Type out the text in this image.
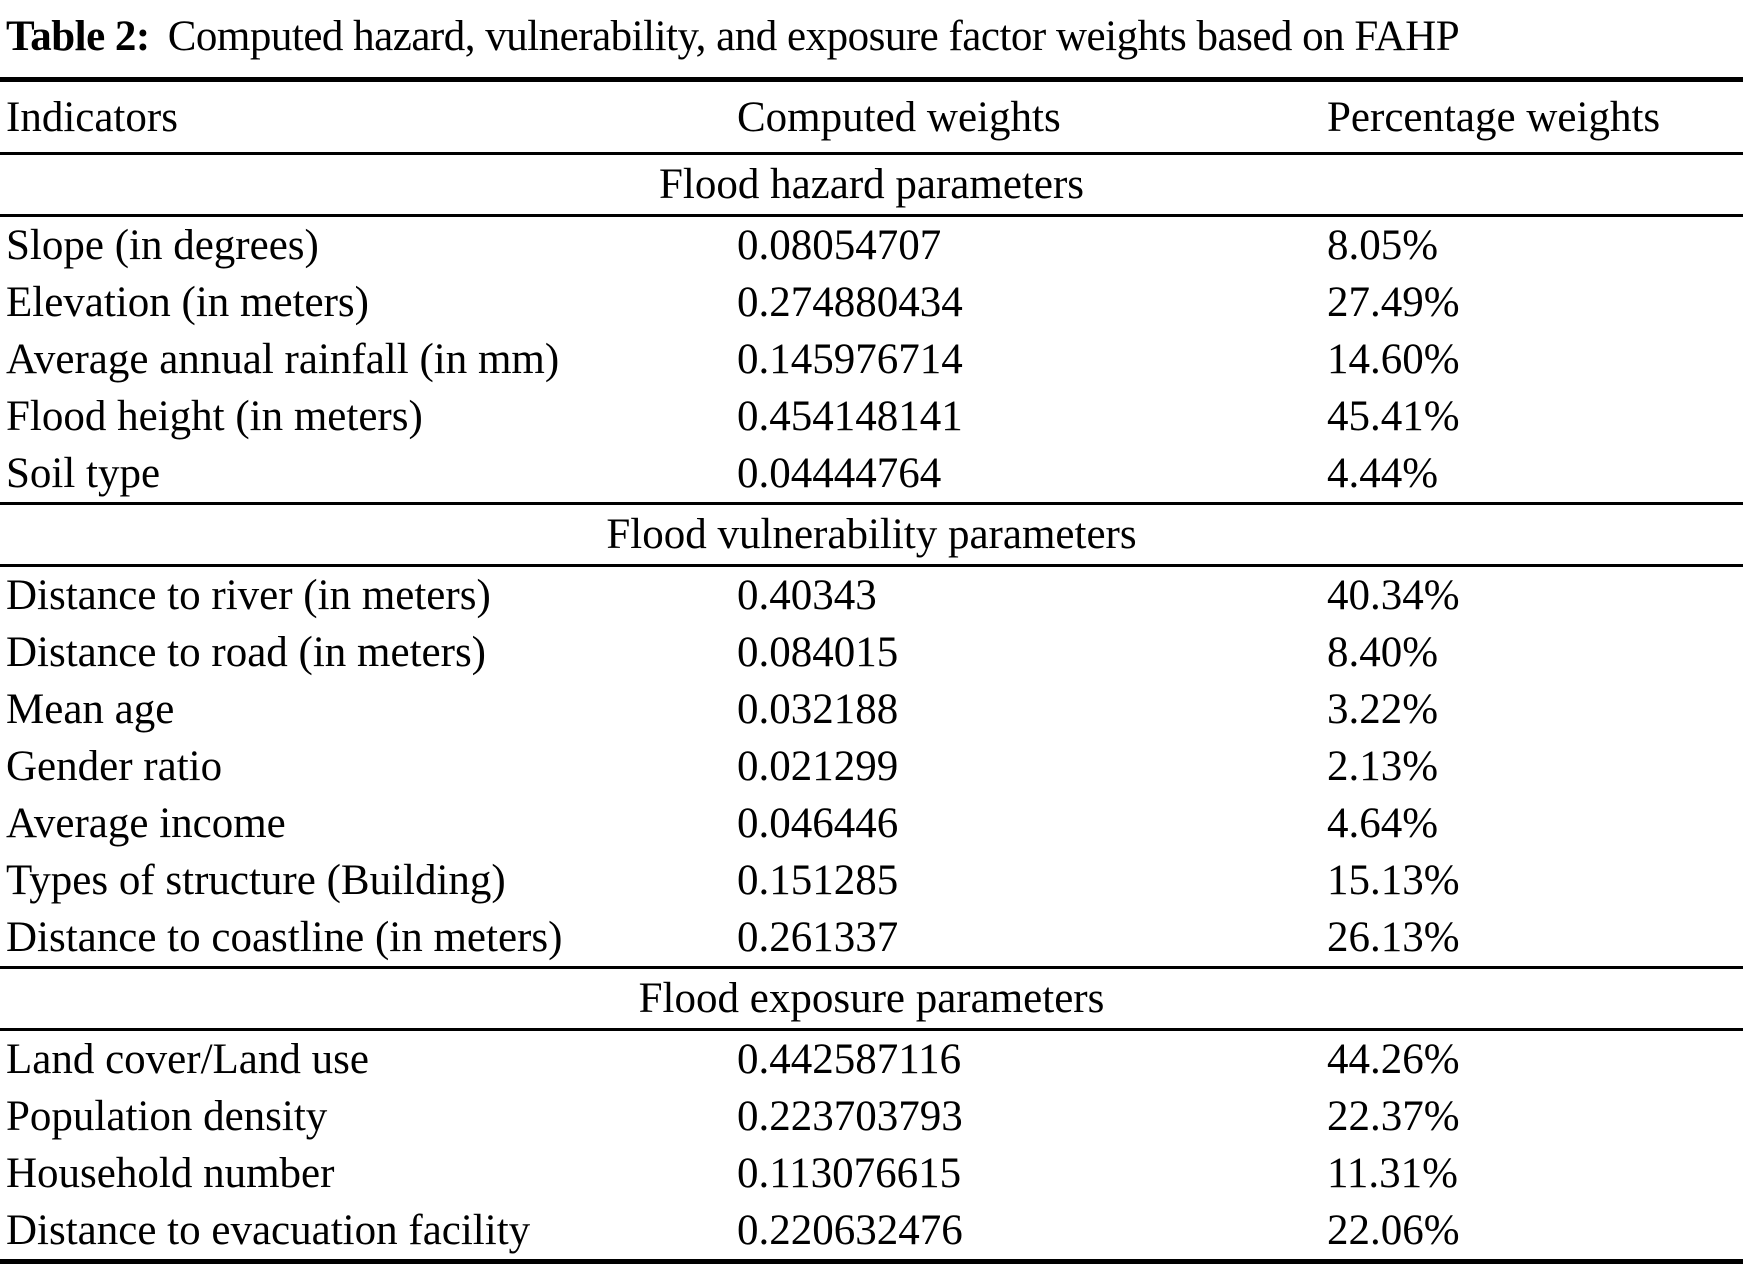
Table 2: Computed hazard, vulnerability, and exposure factor weights based on FAHP
Indicators	Computed weights	Percentage weights
Flood hazard parameters		
Slope (in degrees)	0.08054707	8.05%
Elevation (in meters)	0.274880434	27.49%
Average annual rainfall (in mm)	0.145976714	14.60%
Flood height (in meters)	0.454148141	45.41%
Soil type	0.04444764	4.44%
Flood vulnerability parameters		
Distance to river (in meters)	0.40343	40.34%
Distance to road (in meters)	0.084015	8.40%
Mean age	0.032188	3.22%
Gender ratio	0.021299	2.13%
Average income	0.046446	4.64%
Types of structure (Building)	0.151285	15.13%
Distance to coastline (in meters)	0.261337	26.13%
Flood exposure parameters		
Land cover/Land use	0.442587116	44.26%
Population density	0.223703793	22.37%
Household number	0.113076615	11.31%
Distance to evacuation facility	0.220632476	22.06%
